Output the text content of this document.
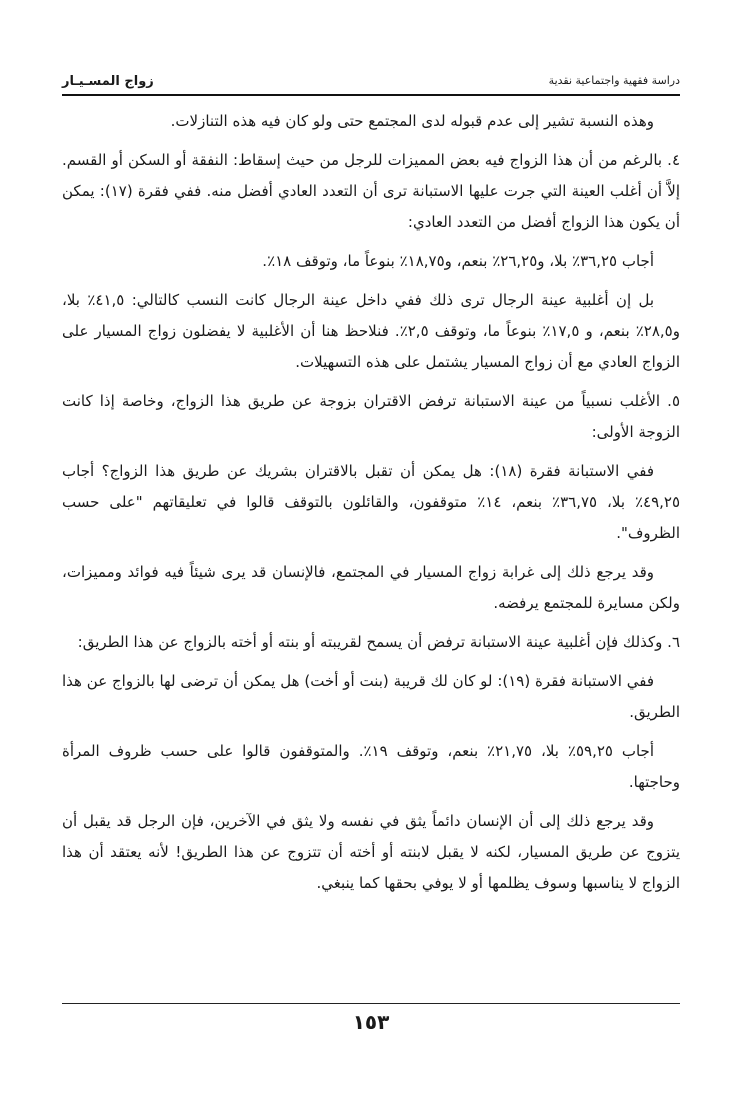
دراسة فقهية واجتماعية نقدية
زواج المسـيـار

وهذه النسبة تشير إلى عدم قبوله لدى المجتمع حتى ولو كان فيه هذه التنازلات.

٤. بالرغم من أن هذا الزواج فيه بعض المميزات للرجل من حيث إسقاط: النفقة أو السكن أو القسم. إلاَّ أن أغلب العينة التي جرت عليها الاستبانة ترى أن التعدد العادي أفضل منه. ففي فقرة (١٧): يمكن أن يكون هذا الزواج أفضل من التعدد العادي:

أجاب ٣٦,٢٥٪ بلا، و٢٦,٢٥٪ بنعم، و١٨,٧٥٪ بنوعاً ما، وتوقف ١٨٪.

بل إن أغلبية عينة الرجال ترى ذلك ففي داخل عينة الرجال كانت النسب كالتالي: ٤١,٥٪ بلا، و٢٨,٥٪ بنعم، و ١٧,٥٪ بنوعاً ما، وتوقف ٢,٥٪. فنلاحظ هنا أن الأغلبية لا يفضلون زواج المسيار على الزواج العادي مع أن زواج المسيار يشتمل على هذه التسهيلات.

٥. الأغلب نسبياً من عينة الاستبانة ترفض الاقتران بزوجة عن طريق هذا الزواج، وخاصة إذا كانت الزوجة الأولى:

ففي الاستبانة فقرة (١٨): هل يمكن أن تقبل بالاقتران بشريك عن طريق هذا الزواج؟ أجاب ٤٩,٢٥٪ بلا، ٣٦,٧٥٪ بنعم، ١٤٪ متوقفون، والقائلون بالتوقف قالوا في تعليقاتهم "على حسب الظروف".

وقد يرجع ذلك إلى غرابة زواج المسيار في المجتمع، فالإنسان قد يرى شيئاً فيه فوائد ومميزات، ولكن مسايرة للمجتمع يرفضه.

٦. وكذلك فإن أغلبية عينة الاستبانة ترفض أن يسمح لقريبته أو بنته أو أخته بالزواج عن هذا الطريق:

ففي الاستبانة فقرة (١٩): لو كان لك قريبة (بنت أو أخت) هل يمكن أن ترضى لها بالزواج عن هذا الطريق.

أجاب ٥٩,٢٥٪ بلا، ٢١,٧٥٪ بنعم، وتوقف ١٩٪. والمتوقفون قالوا على حسب ظروف المرأة وحاجتها.

وقد يرجع ذلك إلى أن الإنسان دائماً يثق في نفسه ولا يثق في الآخرين، فإن الرجل قد يقبل أن يتزوج عن طريق المسيار، لكنه لا يقبل لابنته أو أخته أن تتزوج عن هذا الطريق! لأنه يعتقد أن هذا الزواج لا يناسبها وسوف يظلمها أو لا يوفي بحقها كما ينبغي.

١٥٣
